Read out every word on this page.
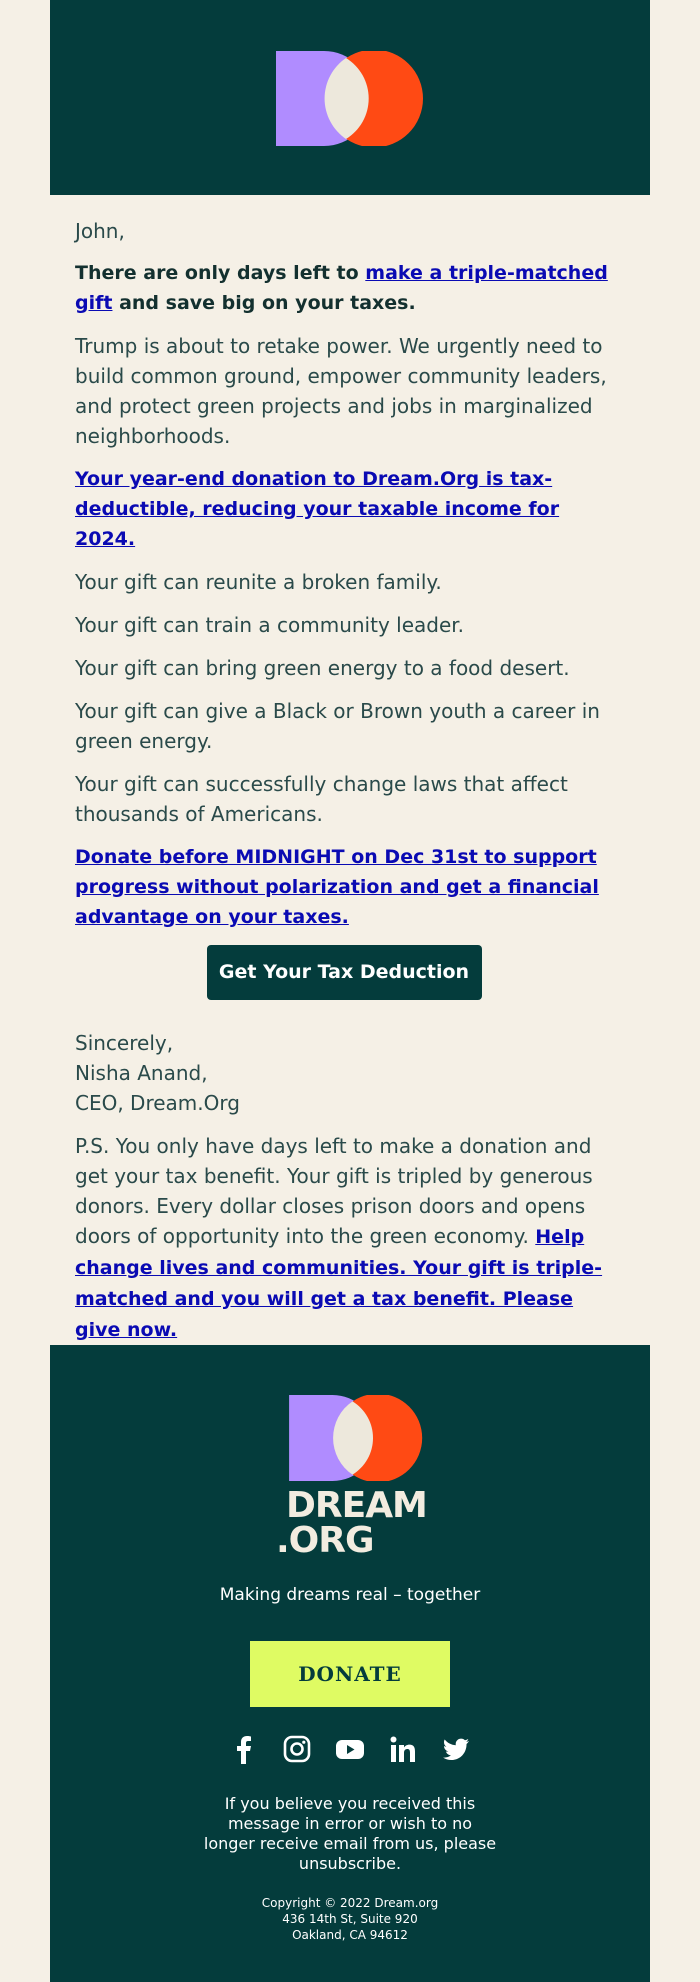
John,

There are only days left to make a triple-matched gift and save big on your taxes.

Trump is about to retake power. We urgently need to build common ground, empower community leaders, and protect green projects and jobs in marginalized neighborhoods.

Your year-end donation to Dream.Org is tax-deductible, reducing your taxable income for 2024.

Your gift can reunite a broken family.

Your gift can train a community leader.

Your gift can bring green energy to a food desert.

Your gift can give a Black or Brown youth a career in green energy.

Your gift can successfully change laws that affect thousands of Americans.

Donate before MIDNIGHT on Dec 31st to support progress without polarization and get a financial advantage on your taxes.

Get Your Tax Deduction

Sincerely,

Nisha Anand,

CEO, Dream.Org

P.S. You only have days left to make a donation and get your tax benefit. Your gift is tripled by generous donors. Every dollar closes prison doors and opens doors of opportunity into the green economy. Help change lives and communities. Your gift is triple-matched and you will get a tax benefit. Please give now.

DREAM
.ORG
Making dreams real – together
DONATE

If you believe you received this message in error or wish to no longer receive email from us, please unsubscribe.
Copyright © 2022 Dream.org
436 14th St, Suite 920
Oakland, CA 94612
